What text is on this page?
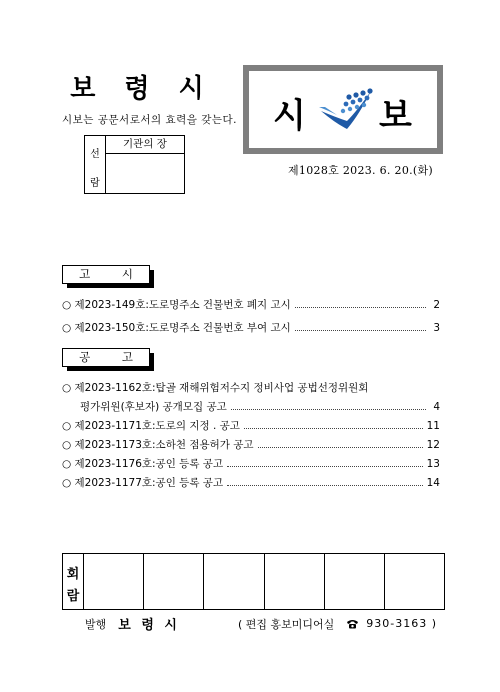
보 령 시
시보는 공문서로서의 효력을 갖는다.
선
람
기관의 장
시 보
제1028호 2023. 6. 20.(화)
고 시
○ 제2023-149호:도로명주소 건물번호 폐지 고시	2
○ 제2023-150호:도로명주소 건물번호 부여 고시	3
공 고
○ 제2023-1162호:탑골 재해위험저수지 정비사업 공법선정위원회
평가위원(후보자) 공개모집 공고	4
○ 제2023-1171호:도로의 지정 . 공고	11
○ 제2023-1173호:소하천 점용허가 공고	12
○ 제2023-1176호:공인 등록 공고	13
○ 제2023-1177호:공인 등록 공고	14
회
람
발행 보 령 시	( 편집 홍보미디어실	930-3163 )
